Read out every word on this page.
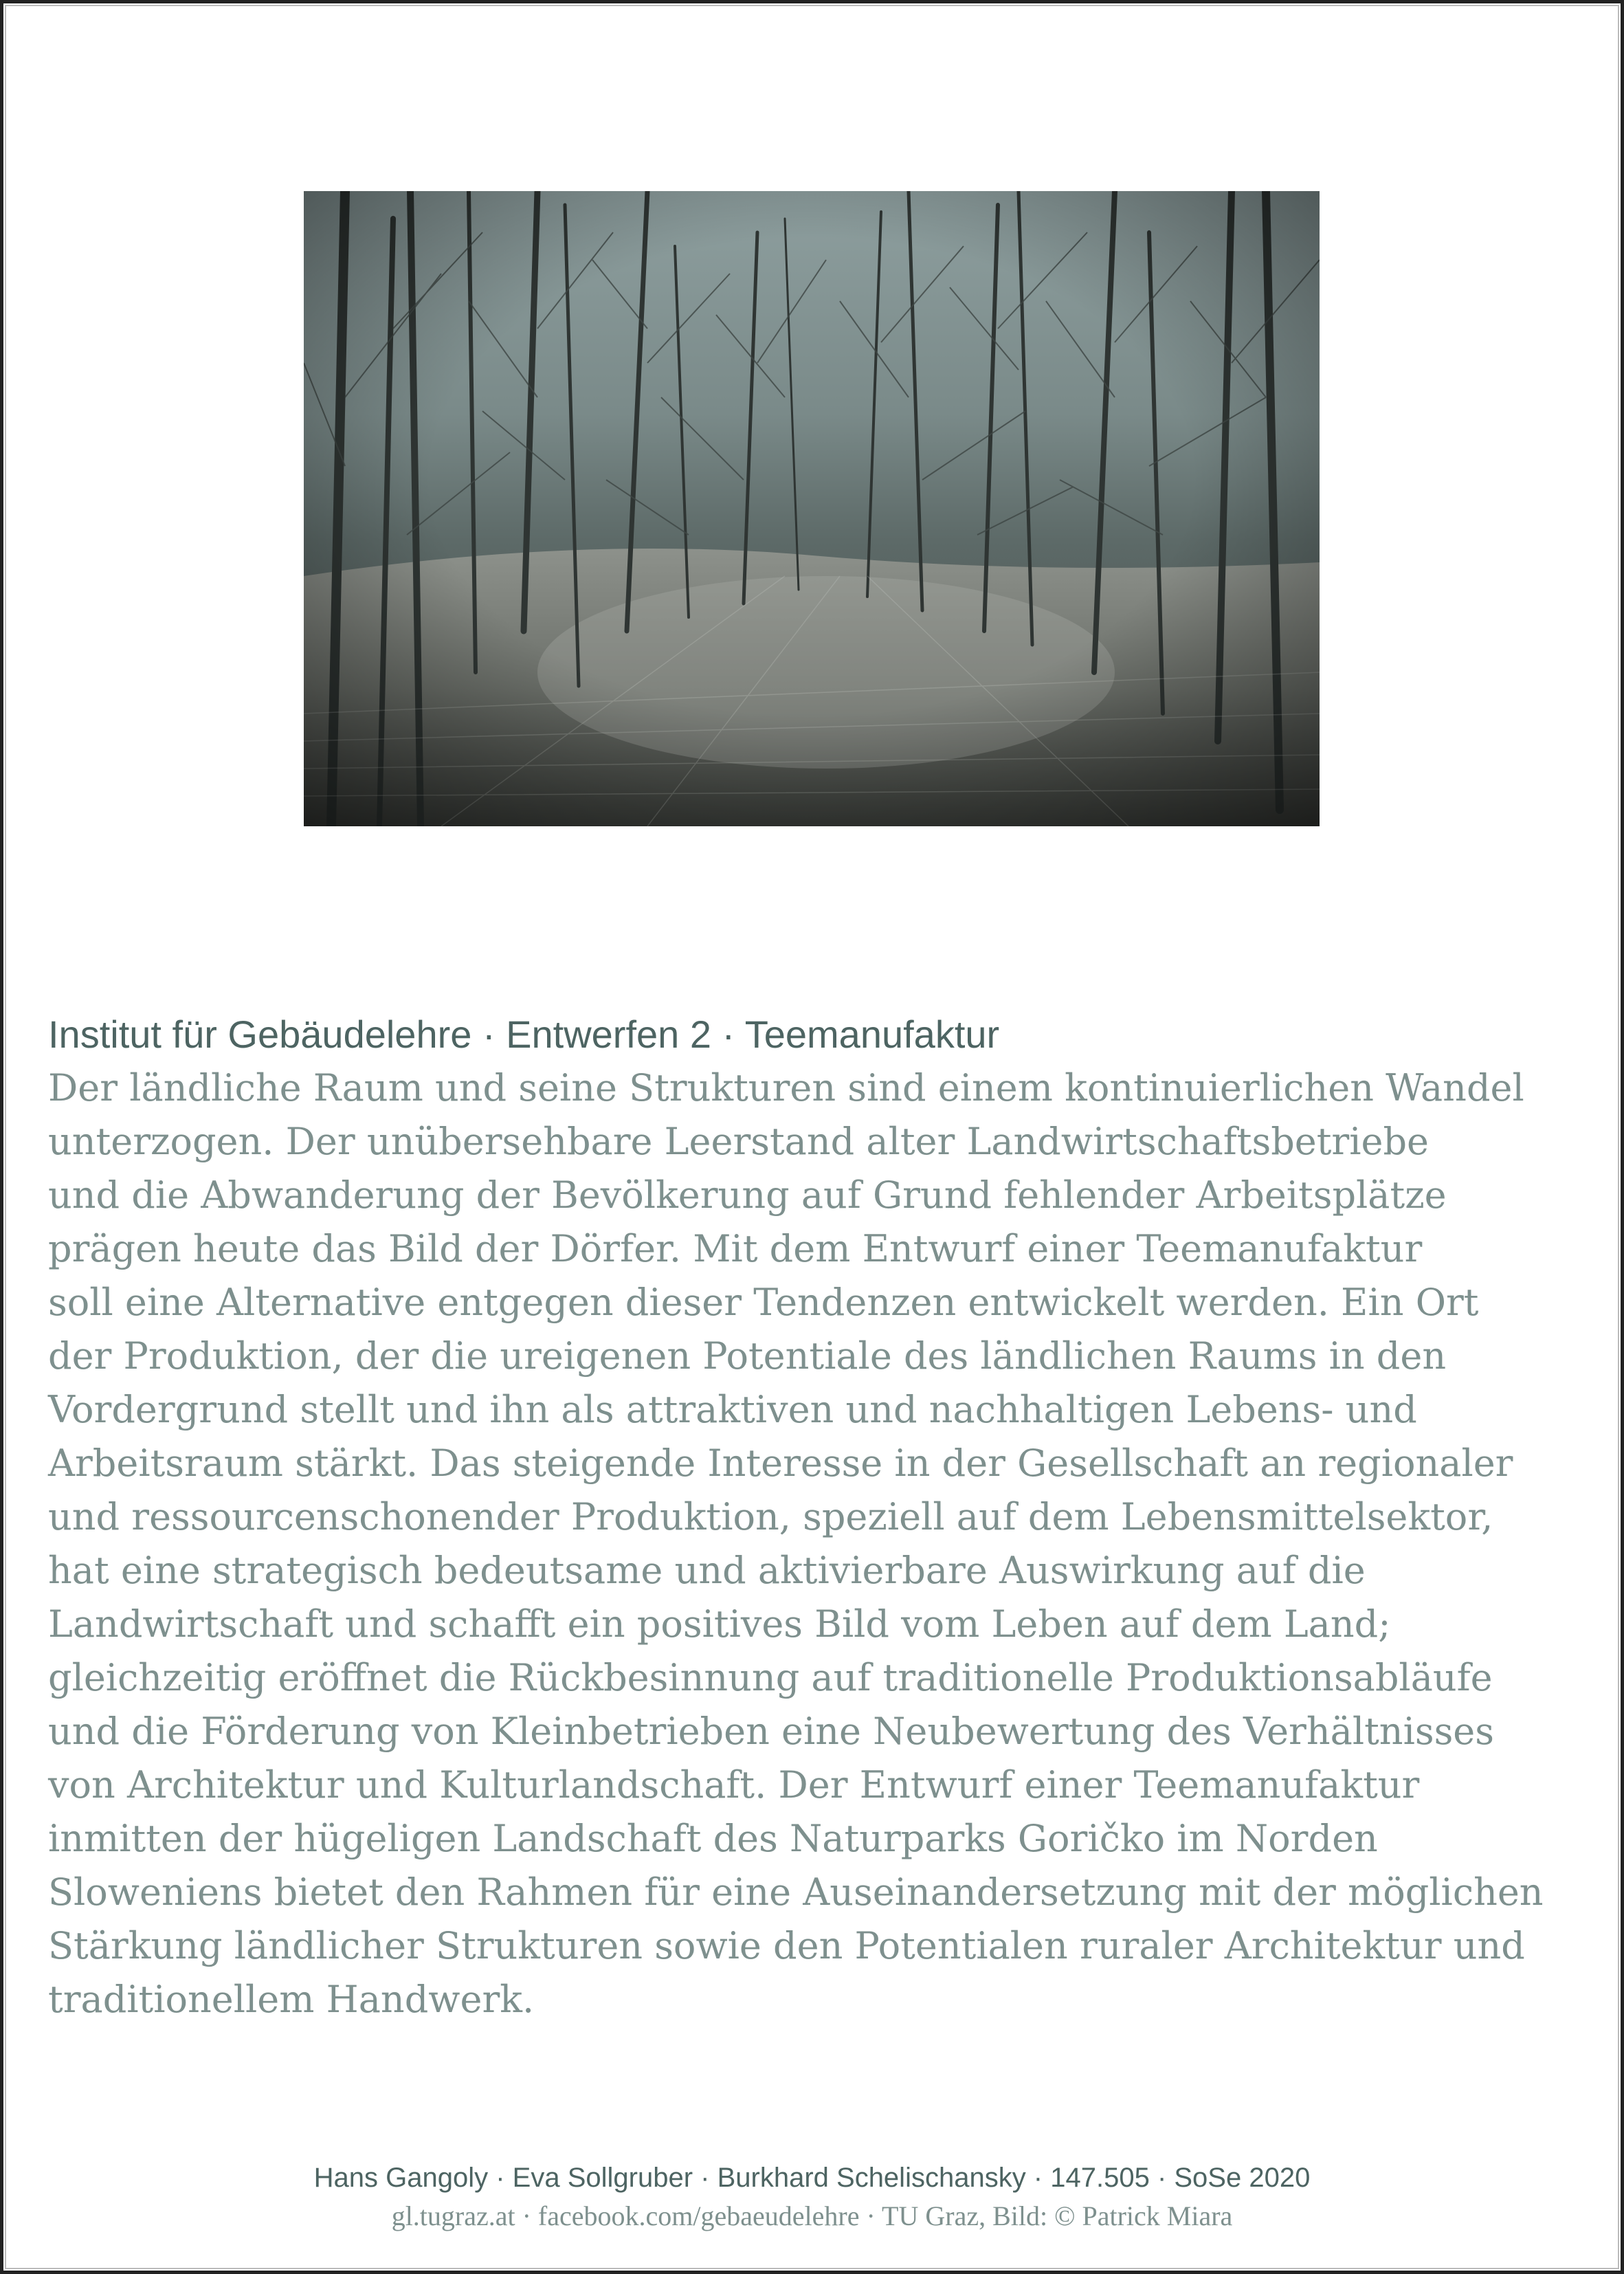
Institut für Gebäudelehre · Entwerfen 2 · Teemanufaktur
Der ländliche Raum und seine Strukturen sind einem kontinuierlichen Wandel
unterzogen. Der unübersehbare Leerstand alter Landwirtschaftsbetriebe
und die Abwanderung der Bevölkerung auf Grund fehlender Arbeitsplätze
prägen heute das Bild der Dörfer. Mit dem Entwurf einer Teemanufaktur
soll eine Alternative entgegen dieser Tendenzen entwickelt werden. Ein Ort
der Produktion, der die ureigenen Potentiale des ländlichen Raums in den
Vordergrund stellt und ihn als attraktiven und nachhaltigen Lebens- und
Arbeitsraum stärkt. Das steigende Interesse in der Gesellschaft an regionaler
und ressourcenschonender Produktion, speziell auf dem Lebensmittelsektor,
hat eine strategisch bedeutsame und aktivierbare Auswirkung auf die
Landwirtschaft und schafft ein positives Bild vom Leben auf dem Land;
gleichzeitig eröffnet die Rückbesinnung auf traditionelle Produktionsabläufe
und die Förderung von Kleinbetrieben eine Neubewertung des Verhältnisses
von Architektur und Kulturlandschaft. Der Entwurf einer Teemanufaktur
inmitten der hügeligen Landschaft des Naturparks Goričko im Norden
Sloweniens bietet den Rahmen für eine Auseinandersetzung mit der möglichen
Stärkung ländlicher Strukturen sowie den Potentialen ruraler Architektur und
traditionellem Handwerk.
Hans Gangoly · Eva Sollgruber · Burkhard Schelischansky · 147.505 · SoSe 2020
gl.tugraz.at · facebook.com/gebaeudelehre · TU Graz, Bild: © Patrick Miara
